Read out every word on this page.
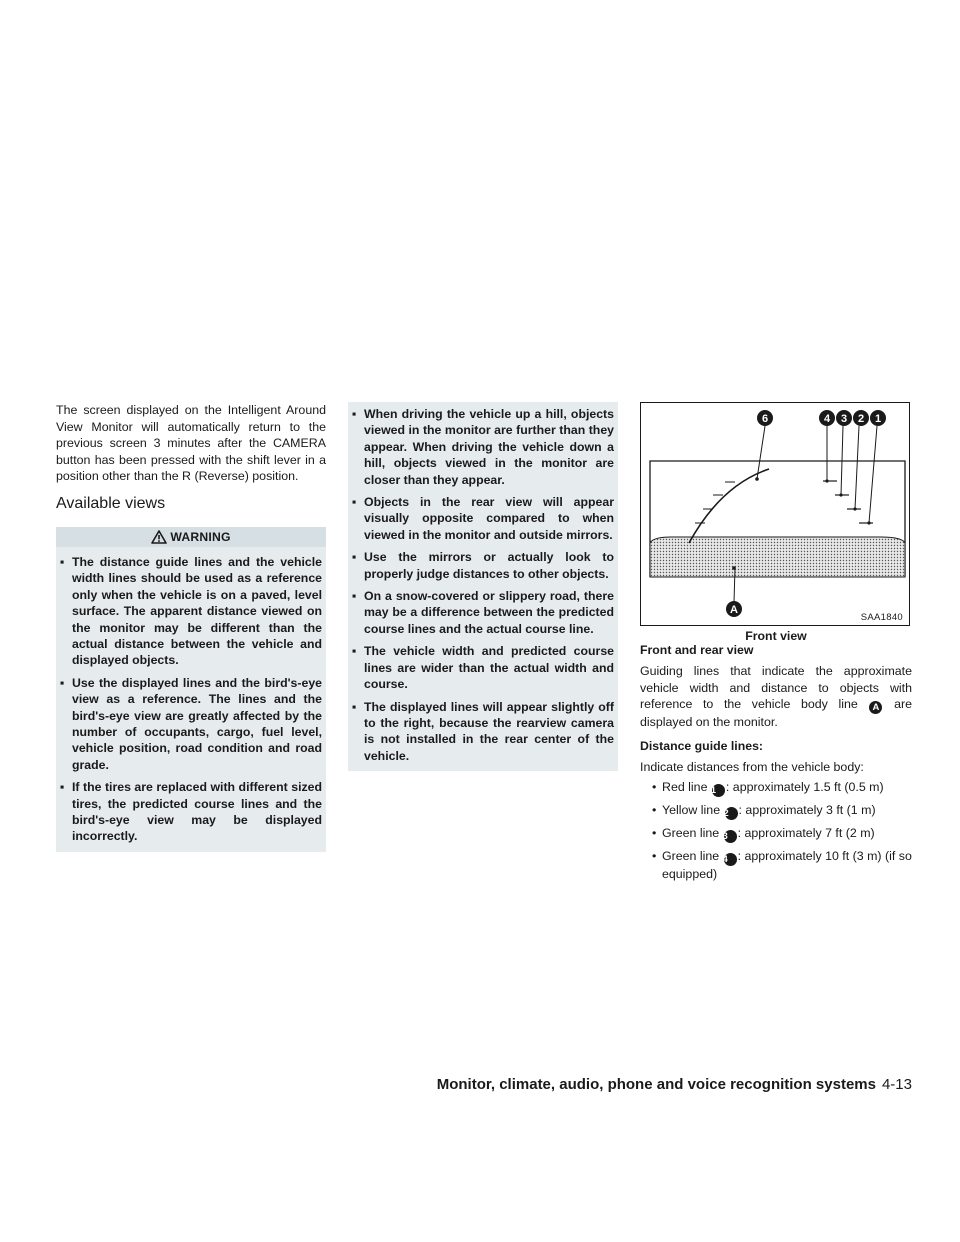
The screen displayed on the Intelligent Around View Monitor will automatically return to the previous screen 3 minutes after the CAMERA button has been pressed with the shift lever in a position other than the R (Reverse) position.

Available views
WARNING
▪ The distance guide lines and the vehicle width lines should be used as a reference only when the vehicle is on a paved, level surface. The apparent distance viewed on the monitor may be different than the actual distance between the vehicle and displayed objects.
▪ Use the displayed lines and the bird's-eye view as a reference. The lines and the bird's-eye view are greatly affected by the number of occupants, cargo, fuel level, vehicle position, road condition and road grade.
▪ If the tires are replaced with different sized tires, the predicted course lines and the bird's-eye view may be displayed incorrectly.
▪ When driving the vehicle up a hill, objects viewed in the monitor are further than they appear. When driving the vehicle down a hill, objects viewed in the monitor are closer than they appear.
▪ Objects in the rear view will appear visually opposite compared to when viewed in the monitor and outside mirrors.
▪ Use the mirrors or actually look to properly judge distances to other objects.
▪ On a snow-covered or slippery road, there may be a difference between the predicted course lines and the actual course line.
▪ The vehicle width and predicted course lines are wider than the actual width and course.
▪ The displayed lines will appear slightly off to the right, because the rearview camera is not installed in the rear center of the vehicle.
6	4 3 2 1
A
SAA1840

Front view

Front and rear view

Guiding lines that indicate the approximate vehicle width and distance to objects with reference to the vehicle body line A are displayed on the monitor.

Distance guide lines:

Indicate distances from the vehicle body:

• Red line 1 : approximately 1.5 ft (0.5 m)
• Yellow line 2 : approximately 3 ft (1 m)
• Green line 3 : approximately 7 ft (2 m)
• Green line 4 : approximately 10 ft (3 m) (if so equipped)
Monitor, climate, audio, phone and voice recognition systems 4-13
